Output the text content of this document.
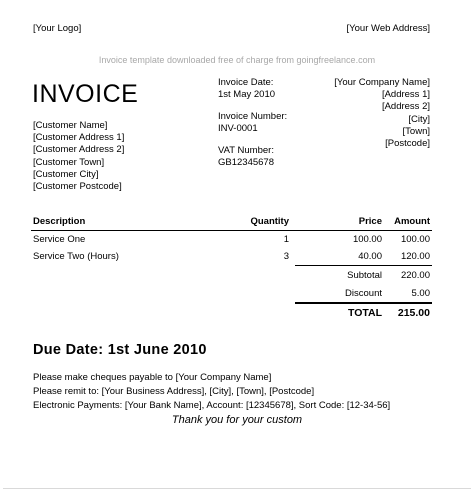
[Your Logo]	[Your Web Address]
Invoice template downloaded free of charge from goingfreelance.com
INVOICE
[Customer Name]
[Customer Address 1]
[Customer Address 2]
[Customer Town]
[Customer City]
[Customer Postcode]
Invoice Date:
1st May 2010
Invoice Number:
INV-0001
VAT Number:
GB12345678
[Your Company Name]
[Address 1]
[Address 2]
[City]
[Town]
[Postcode]
Description	Quantity	Price	Amount
Service One	1	100.00	100.00
Service Two (Hours)	3	40.00	120.00
		Subtotal	220.00
		Discount	5.00
		TOTAL	215.00
Due Date: 1st June 2010
Please make cheques payable to [Your Company Name]
Please remit to: [Your Business Address], [City], [Town], [Postcode]
Electronic Payments: [Your Bank Name], Account: [12345678], Sort Code: [12-34-56]
Thank you for your custom
